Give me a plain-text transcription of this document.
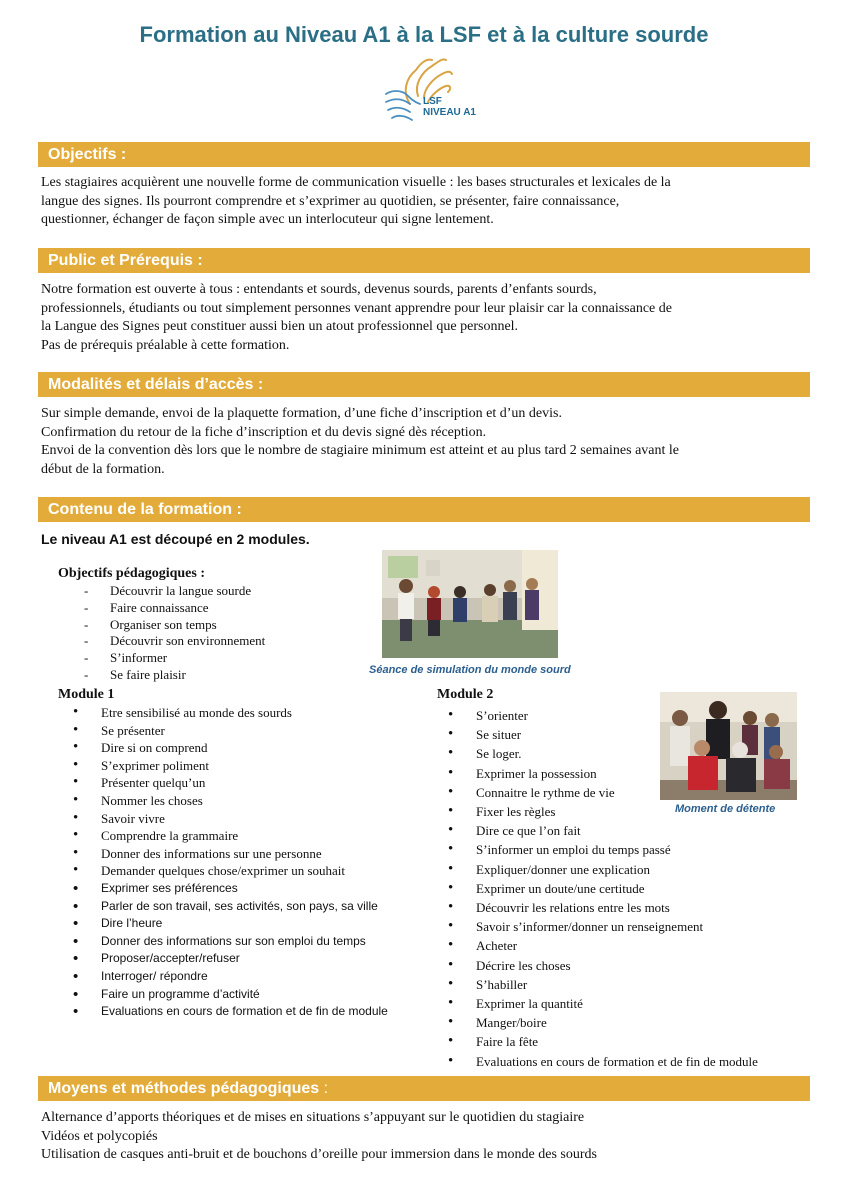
Formation au Niveau A1 à la LSF et à la culture sourde
LSF
NIVEAU A1
Objectifs :
Les stagiaires acquièrent une nouvelle forme de communication visuelle : les bases structurales et lexicales de la
langue des signes. Ils pourront comprendre et s’exprimer au quotidien, se présenter, faire connaissance,
questionner, échanger de façon simple avec un interlocuteur qui signe lentement.
Public et Prérequis :
Notre formation est ouverte à tous : entendants et sourds, devenus sourds, parents d’enfants sourds,
professionnels, étudiants ou tout simplement personnes venant apprendre pour leur plaisir car la connaissance de
la Langue des Signes peut constituer aussi bien un atout professionnel que personnel.
Pas de prérequis préalable à cette formation.
Modalités et délais d’accès :
Sur simple demande, envoi de la plaquette formation, d’une fiche d’inscription et d’un devis.
Confirmation du retour de la fiche d’inscription et du devis signé dès réception.
Envoi de la convention dès lors que le nombre de stagiaire minimum est atteint et au plus tard 2 semaines avant le
début de la formation.
Contenu de la formation :
Le niveau A1 est découpé en 2 modules.
Objectifs pédagogiques :
- Découvrir la langue sourde
- Faire connaissance
- Organiser son temps
- Découvrir son environnement
- S’informer
- Se faire plaisir	Séance de simulation du monde sourd
Module 1
• Etre sensibilisé au monde des sourds
• Se présenter
• Dire si on comprend
• S’exprimer poliment
• Présenter quelqu’un
• Nommer les choses
• Savoir vivre
• Comprendre la grammaire
• Donner des informations sur une personne
• Demander quelques chose/exprimer un souhait
• Exprimer ses préférences
• Parler de son travail, ses activités, son pays, sa ville
• Dire l’heure
• Donner des informations sur son emploi du temps
• Proposer/accepter/refuser
• Interroger/ répondre
• Faire un programme d’activité
• Evaluations en cours de formation et de fin de module
Module 2
• S’orienter
• Se situer
• Se loger.
• Exprimer la possession
• Connaitre le rythme de vie
• Fixer les règles
• Dire ce que l’on fait
• S’informer un emploi du temps passé
• Expliquer/donner une explication
• Exprimer un doute/une certitude
• Découvrir les relations entre les mots
• Savoir s’informer/donner un renseignement
• Acheter
• Décrire les choses
• S’habiller
• Exprimer la quantité
• Manger/boire
• Faire la fête
• Evaluations en cours de formation et de fin de module
Moment de détente
Moyens et méthodes pédagogiques :
Alternance d’apports théoriques et de mises en situations s’appuyant sur le quotidien du stagiaire
Vidéos et polycopiés
Utilisation de casques anti-bruit et de bouchons d’oreille pour immersion dans le monde des sourds
